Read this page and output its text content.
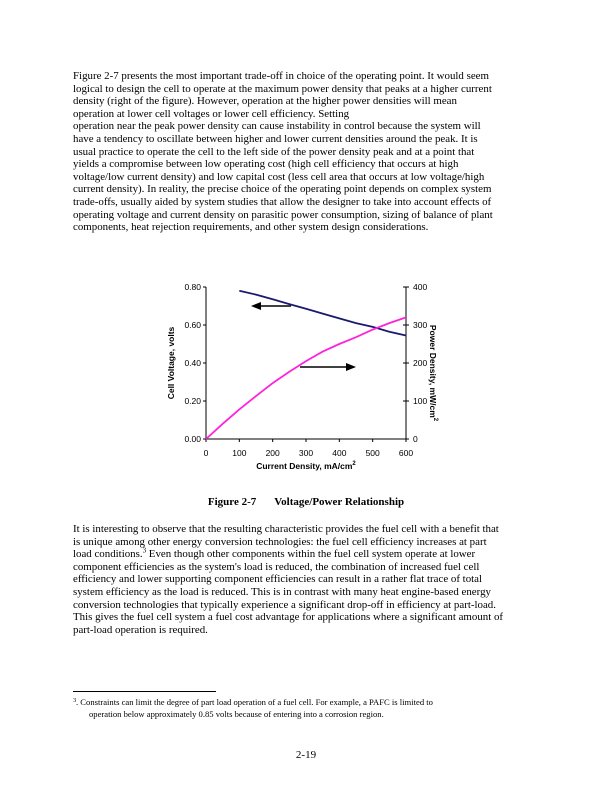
Figure 2-7 presents the most important trade-off in choice of the operating point. It would seem
logical to design the cell to operate at the maximum power density that peaks at a higher current
density (right of the figure). However, operation at the higher power densities will mean
operation at lower cell voltages or lower cell efficiency. Setting
operation near the peak power density can cause instability in control because the system will
have a tendency to oscillate between higher and lower current densities around the peak. It is
usual practice to operate the cell to the left side of the power density peak and at a point that
yields a compromise between low operating cost (high cell efficiency that occurs at high
voltage/low current density) and low capital cost (less cell area that occurs at low voltage/high
current density). In reality, the precise choice of the operating point depends on complex system
trade-offs, usually aided by system studies that allow the designer to take into account effects of
operating voltage and current density on parasitic power consumption, sizing of balance of plant
components, heat rejection requirements, and other system design considerations.
0	100 200 300 400 500 600
0.00
0.20
0.40
0.60
0.80
0
100
200
300
400
Current Density, $mA/cm^2$
Cell Voltage, volts	Power Density, $mW/cm^2$
Figure 2-7 Voltage/Power Relationship
It is interesting to observe that the resulting characteristic provides the fuel cell with a benefit that
is unique among other energy conversion technologies: the fuel cell efficiency increases at part
load conditions.$^3$ Even though other components within the fuel cell system operate at lower
component efficiencies as the system's load is reduced, the combination of increased fuel cell
efficiency and lower supporting component efficiencies can result in a rather flat trace of total
system efficiency as the load is reduced. This is in contrast with many heat engine-based energy
conversion technologies that typically experience a significant drop-off in efficiency at part-load.
This gives the fuel cell system a fuel cost advantage for applications where a significant amount of
part-load operation is required.
3 . Constraints can limit the degree of part load operation of a fuel cell. For example, a PAFC is limited to
operation below approximately 0.85 volts because of entering into a corrosion region.
2-19
